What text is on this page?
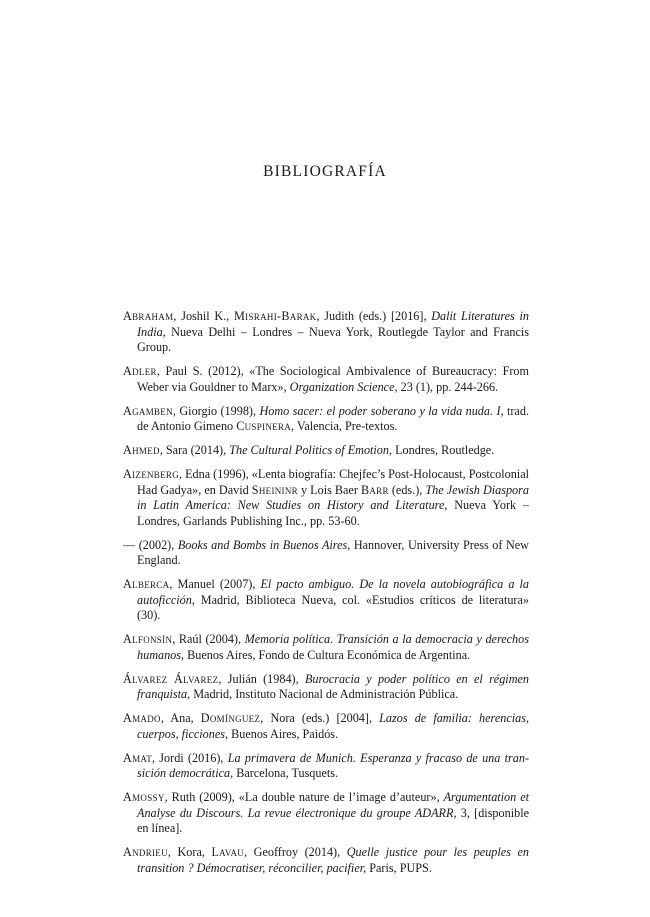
BIBLIOGRAFÍA

Abraham, Joshil K., Misrahi-Barak, Judith (eds.) [2016], Dalit Literatures in India, Nueva Delhi – Londres – Nueva York, Routlegde Taylor and Francis Group.

Adler, Paul S. (2012), «The Sociological Ambivalence of Bureaucracy: From Weber via Gouldner to Marx», Organization Science, 23 (1), pp. 244-266.

Agamben, Giorgio (1998), Homo sacer: el poder soberano y la vida nuda. I, trad. de Antonio Gimeno Cuspinera, Valencia, Pre-textos.

Ahmed, Sara (2014), The Cultural Politics of Emotion, Londres, Routledge.

Aizenberg, Edna (1996), «Lenta biografía: Chejfec’s Post-Holocaust, Postcolonial Had Gadya», en David Sheininr y Lois Baer Barr (eds.), The Jewish Diaspora in Latin America: New Studies on History and Literature, Nueva York – Londres, Garlands Publishing Inc., pp. 53-60.

— (2002), Books and Bombs in Buenos Aires, Hannover, University Press of New England.

Alberca, Manuel (2007), El pacto ambiguo. De la novela autobiográfica a la autoficción, Madrid, Biblioteca Nueva, col. «Estudios críticos de literatura» (30).

Alfonsín, Raúl (2004), Memoria política. Transición a la democracia y derechos humanos, Buenos Aires, Fondo de Cultura Económica de Argentina.

Álvarez Álvarez, Julián (1984), Burocracia y poder político en el régimen franquista, Madrid, Instituto Nacional de Administración Pública.

Amado, Ana, Domínguez, Nora (eds.) [2004], Lazos de familia: herencias, cuerpos, ficciones, Buenos Aires, Paidós.

Amat, Jordi (2016), La primavera de Munich. Esperanza y fracaso de una transición democrática, Barcelona, Tusquets.

Amossy, Ruth (2009), «La double nature de l’image d’auteur», Argumentation et Analyse du Discours. La revue électronique du groupe ADARR, 3, [disponible en línea].

Andrieu, Kora, Lavau, Geoffroy (2014), Quelle justice pour les peuples en transition ? Démocratiser, réconcilier, pacifier, Paris, PUPS.
